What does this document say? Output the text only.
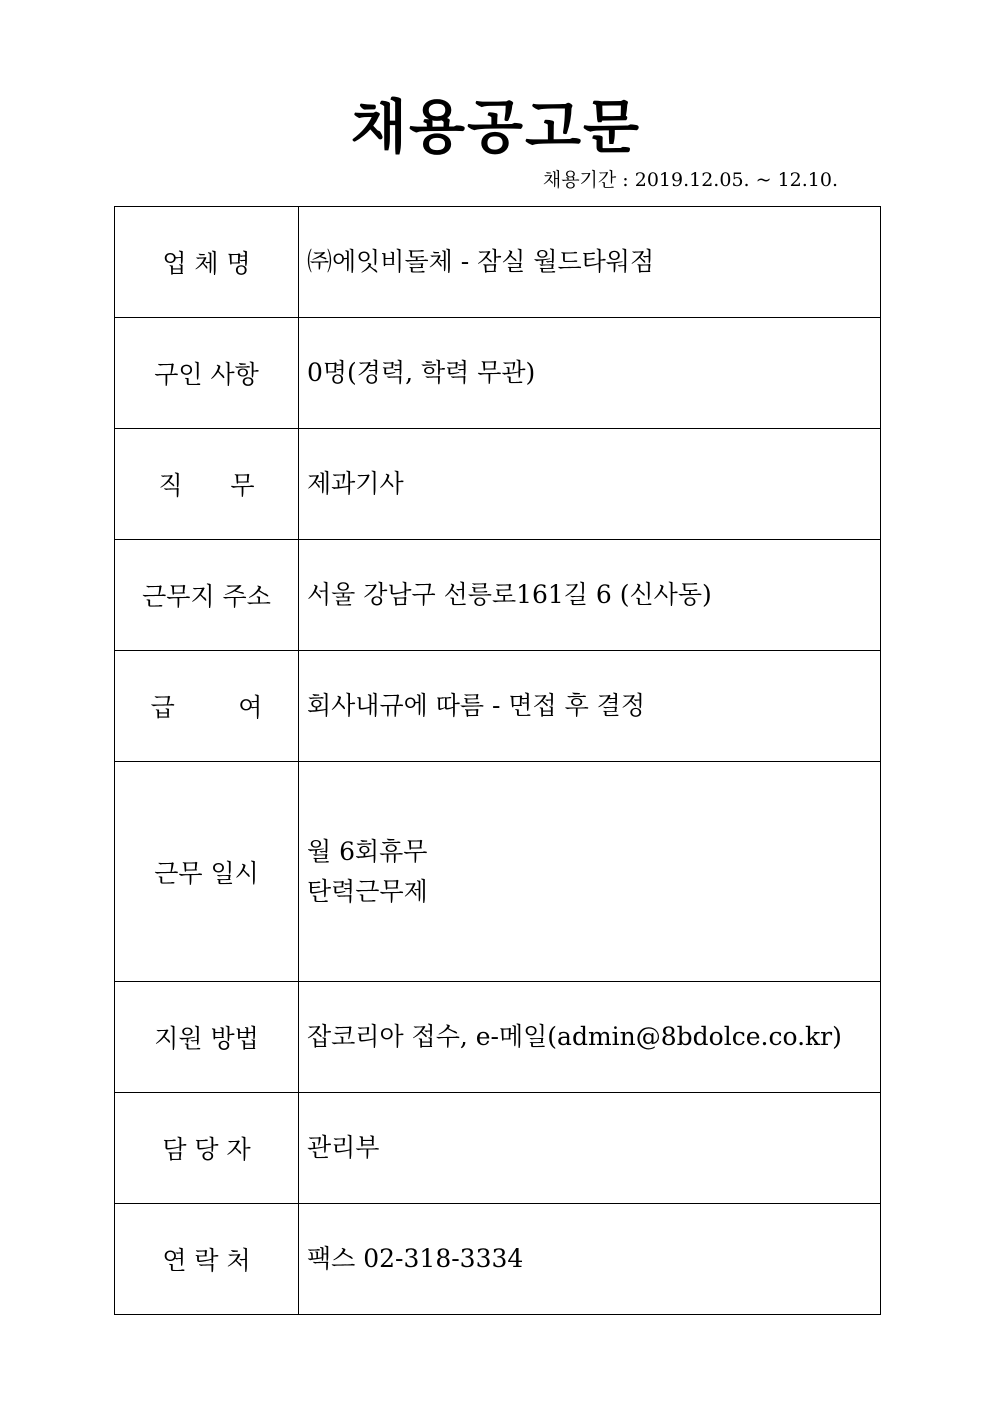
채용공고문
채용기간 : 2019.12.05. ~ 12.10.
업 체 명	㈜에잇비돌체 - 잠실 월드타워점

구인 사항	0명(경력, 학력 무관)

직      무	제과기사

근무지 주소	서울 강남구 선릉로161길 6 (신사동)

급        여	회사내규에 따름 - 면접 후 결정

근무 일시	월 6회휴무
탄력근무제

지원 방법	잡코리아 접수, e-메일(admin@8bdolce.co.kr)

담 당 자	관리부

연 락 처	팩스 02-318-3334
